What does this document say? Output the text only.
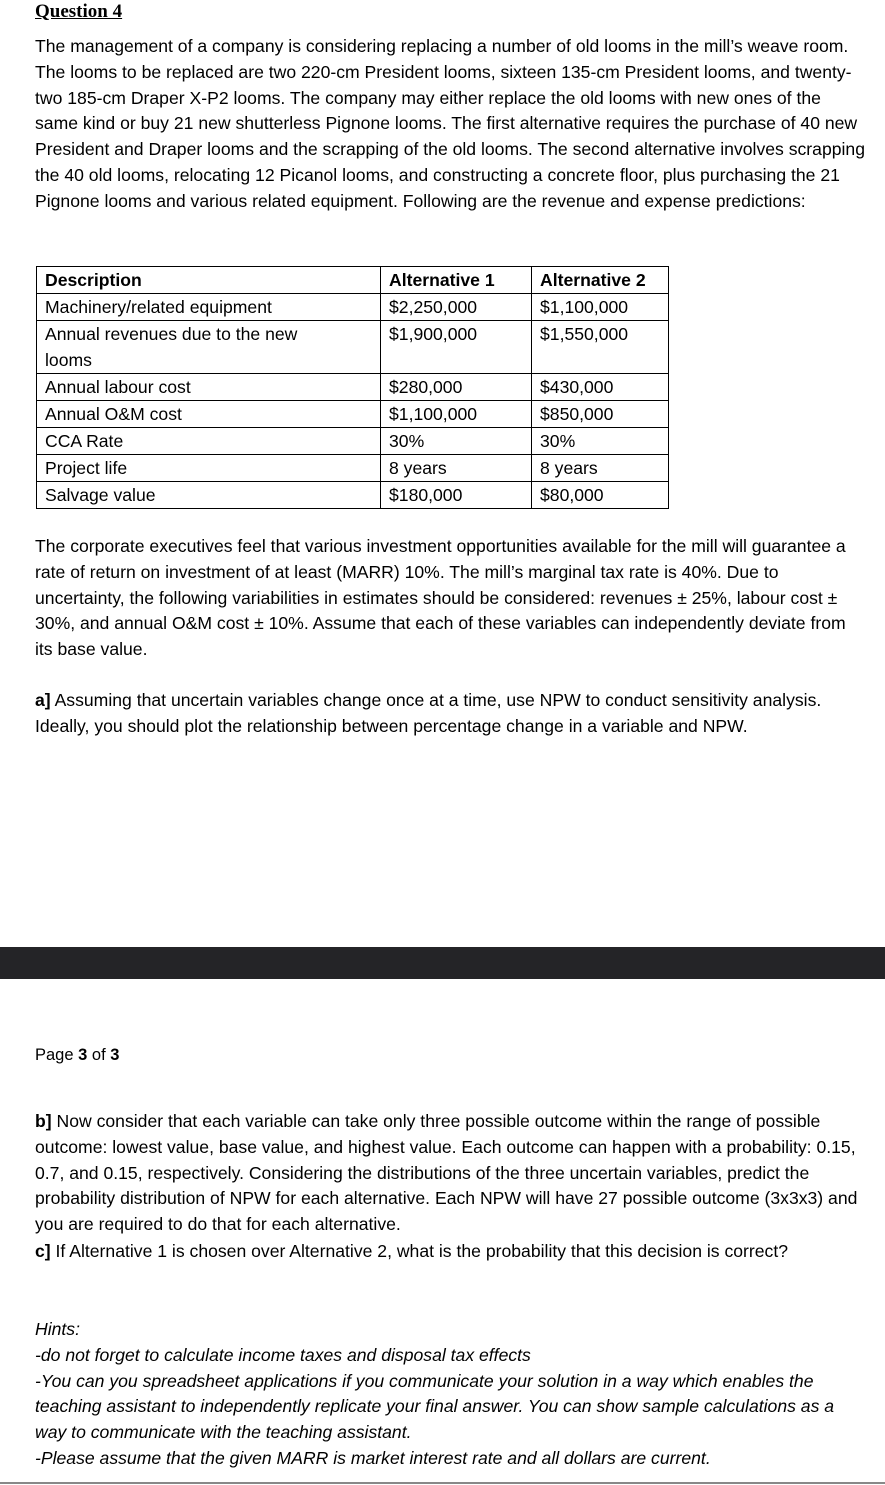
Question 4
The management of a company is considering replacing a number of old looms in the mill’s weave room. The looms to be replaced are two 220-cm President looms, sixteen 135-cm President looms, and twenty-two 185-cm Draper X-P2 looms. The company may either replace the old looms with new ones of the same kind or buy 21 new shutterless Pignone looms. The first alternative requires the purchase of 40 new President and Draper looms and the scrapping of the old looms. The second alternative involves scrapping the 40 old looms, relocating 12 Picanol looms, and constructing a concrete floor, plus purchasing the 21 Pignone looms and various related equipment. Following are the revenue and expense predictions:
Description	Alternative 1	Alternative 2
Machinery/related equipment	$2,250,000	$1,100,000
Annual revenues due to the new looms	$1,900,000	$1,550,000
Annual labour cost	$280,000	$430,000
Annual O&M cost	$1,100,000	$850,000
CCA Rate	30%	30%
Project life	8 years	8 years
Salvage value	$180,000	$80,000
The corporate executives feel that various investment opportunities available for the mill will guarantee a rate of return on investment of at least (MARR) 10%. The mill’s marginal tax rate is 40%. Due to uncertainty, the following variabilities in estimates should be considered: revenues ± 25%, labour cost ± 30%, and annual O&M cost ± 10%. Assume that each of these variables can independently deviate from its base value.
a] Assuming that uncertain variables change once at a time, use NPW to conduct sensitivity analysis. Ideally, you should plot the relationship between percentage change in a variable and NPW.
Page 3 of 3
b] Now consider that each variable can take only three possible outcome within the range of possible outcome: lowest value, base value, and highest value. Each outcome can happen with a probability: 0.15, 0.7, and 0.15, respectively. Considering the distributions of the three uncertain variables, predict the probability distribution of NPW for each alternative. Each NPW will have 27 possible outcome (3x3x3) and you are required to do that for each alternative.
c] If Alternative 1 is chosen over Alternative 2, what is the probability that this decision is correct?
Hints:
-do not forget to calculate income taxes and disposal tax effects
-You can you spreadsheet applications if you communicate your solution in a way which enables the teaching assistant to independently replicate your final answer. You can show sample calculations as a way to communicate with the teaching assistant.
-Please assume that the given MARR is market interest rate and all dollars are current.
